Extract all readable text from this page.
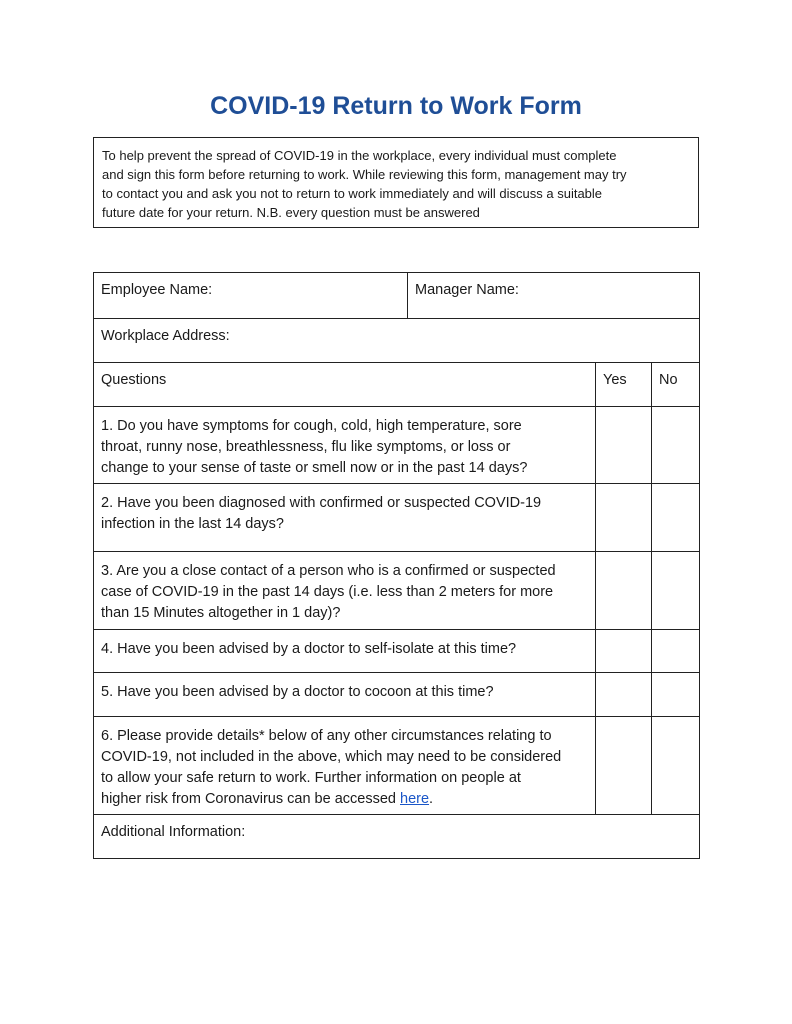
COVID-19 Return to Work Form
To help prevent the spread of COVID-19 in the workplace, every individual must complete
and sign this form before returning to work. While reviewing this form, management may try
to contact you and ask you not to return to work immediately and will discuss a suitable
future date for your return. N.B. every question must be answered
Employee Name:	Manager Name:		
Workplace Address:			
Questions		Yes	No

1. Do you have symptoms for cough, cold, high temperature, sore
throat, runny nose, breathlessness, flu like symptoms, or loss or
change to your sense of taste or smell now or in the past 14 days?			

2. Have you been diagnosed with confirmed or suspected COVID-19
infection in the last 14 days?			

3. Are you a close contact of a person who is a confirmed or suspected
case of COVID-19 in the past 14 days (i.e. less than 2 meters for more
than 15 Minutes altogether in 1 day)?			

4. Have you been advised by a doctor to self-isolate at this time?			

5. Have you been advised by a doctor to cocoon at this time?			

6. Please provide details* below of any other circumstances relating to
COVID-19, not included in the above, which may need to be considered
to allow your safe return to work. Further information on people at
higher risk from Coronavirus can be accessed here.			

Additional Information:			
